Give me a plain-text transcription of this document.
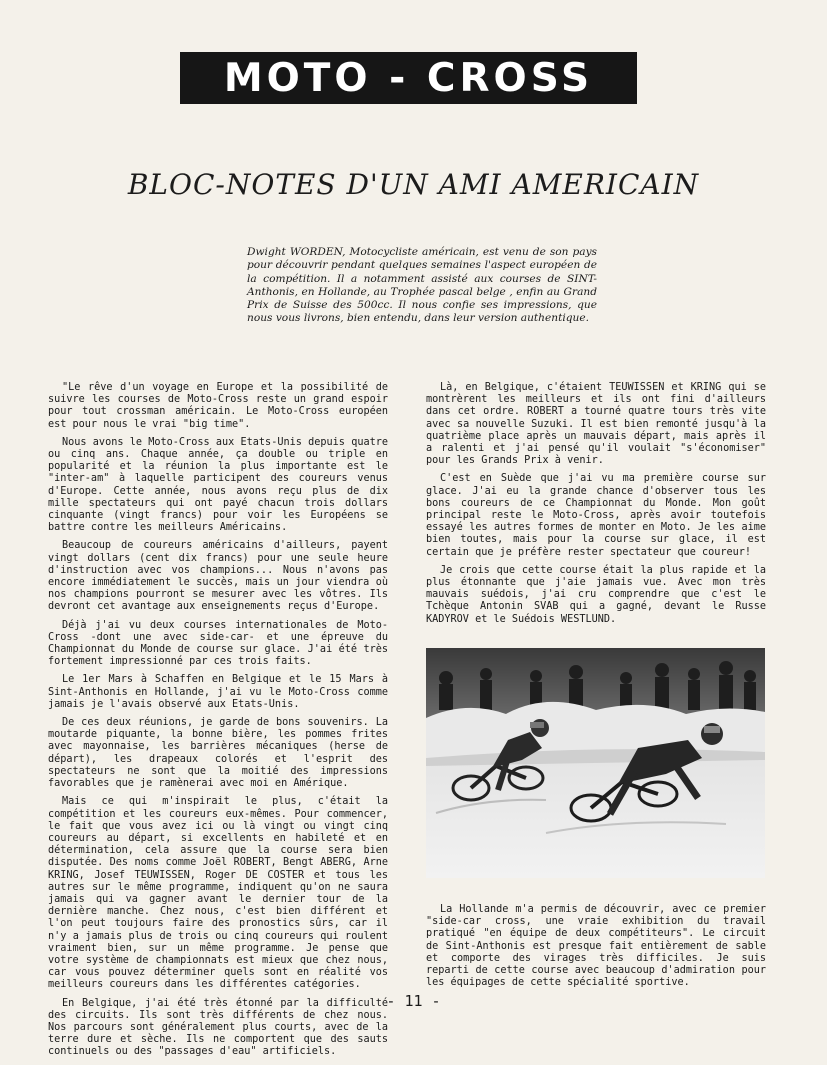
MOTO - CROSS
BLOC-NOTES D'UN AMI AMERICAIN
Dwight WORDEN, Motocycliste américain, est venu de son pays pour découvrir pendant quelques semaines l'aspect européen de la compétition. Il a notamment assisté aux courses de SINT-Anthonis, en Hollande, au Trophée pascal belge , enfin au Grand Prix de Suisse des 500cc. Il nous confie ses impressions, que nous vous livrons, bien entendu, dans leur version authentique.

"Le rêve d'un voyage en Europe et la possibilité de suivre les courses de Moto-Cross reste un grand espoir pour tout crossman américain. Le Moto-Cross européen est pour nous le vrai "big time".

Nous avons le Moto-Cross aux Etats-Unis depuis quatre ou cinq ans. Chaque année, ça double ou triple en popularité et la réunion la plus importante est le "inter-am" à laquelle participent des coureurs venus d'Europe. Cette année, nous avons reçu plus de dix mille spectateurs qui ont payé chacun trois dollars cinquante (vingt francs) pour voir les Européens se battre contre les meilleurs Américains.

Beaucoup de coureurs américains d'ailleurs, payent vingt dollars (cent dix francs) pour une seule heure d'instruction avec vos champions... Nous n'avons pas encore immédiatement le succès, mais un jour viendra où nos champions pourront se mesurer avec les vôtres. Ils devront cet avantage aux enseignements reçus d'Europe.

Déjà j'ai vu deux courses internationales de Moto-Cross -dont une avec side-car- et une épreuve du Championnat du Monde de course sur glace. J'ai été très fortement impressionné par ces trois faits.

Le 1er Mars à Schaffen en Belgique et le 15 Mars à Sint-Anthonis en Hollande, j'ai vu le Moto-Cross comme jamais je l'avais observé aux Etats-Unis.

De ces deux réunions, je garde de bons souvenirs. La moutarde piquante, la bonne bière, les pommes frites avec mayonnaise, les barrières mécaniques (herse de départ), les drapeaux colorés et l'esprit des spectateurs ne sont que la moitié des impressions favorables que je ramènerai avec moi en Amérique.

Mais ce qui m'inspirait le plus, c'était la compétition et les coureurs eux-mêmes. Pour commencer, le fait que vous avez ici ou là vingt ou vingt cinq coureurs au départ, si excellents en habileté et en détermination, cela assure que la course sera bien disputée. Des noms comme Joël ROBERT, Bengt ABERG, Arne KRING, Josef TEUWISSEN, Roger DE COSTER et tous les autres sur le même programme, indiquent qu'on ne saura jamais qui va gagner avant le dernier tour de la dernière manche. Chez nous, c'est bien différent et l'on peut toujours faire des pronostics sûrs, car il n'y a jamais plus de trois ou cinq coureurs qui roulent vraiment bien, sur un même programme. Je pense que votre système de championnats est mieux que chez nous, car vous pouvez déterminer quels sont en réalité vos meilleurs coureurs dans les différentes catégories.

En Belgique, j'ai été très étonné par la difficulté des circuits. Ils sont très différents de chez nous. Nos parcours sont généralement plus courts, avec de la terre dure et sèche. Ils ne comportent que des sauts continuels ou des "passages d'eau" artificiels.

Là, en Belgique, c'étaient TEUWISSEN et KRING qui se montrèrent les meilleurs et ils ont fini d'ailleurs dans cet ordre. ROBERT a tourné quatre tours très vite avec sa nouvelle Suzuki. Il est bien remonté jusqu'à la quatrième place après un mauvais départ, mais après il a ralenti et j'ai pensé qu'il voulait "s'économiser" pour les Grands Prix à venir.

C'est en Suède que j'ai vu ma première course sur glace. J'ai eu la grande chance d'observer tous les bons coureurs de ce Championnat du Monde. Mon goût principal reste le Moto-Cross, après avoir toutefois essayé les autres formes de monter en Moto. Je les aime bien toutes, mais pour la course sur glace, il est certain que je préfère rester spectateur que coureur!

Je crois que cette course était la plus rapide et la plus étonnante que j'aie jamais vue. Avec mon très mauvais suédois, j'ai cru comprendre que c'est le Tchèque Antonin SVAB qui a gagné, devant le Russe KADYROV et le Suédois WESTLUND.

La Hollande m'a permis de découvrir, avec ce premier "side-car cross, une vraie exhibition du travail pratiqué "en équipe de deux compétiteurs". Le circuit de Sint-Anthonis est presque fait entièrement de sable et comporte des virages très difficiles. Je suis reparti de cette course avec beaucoup d'admiration pour les équipages de cette spécialité sportive.

- 11 -
